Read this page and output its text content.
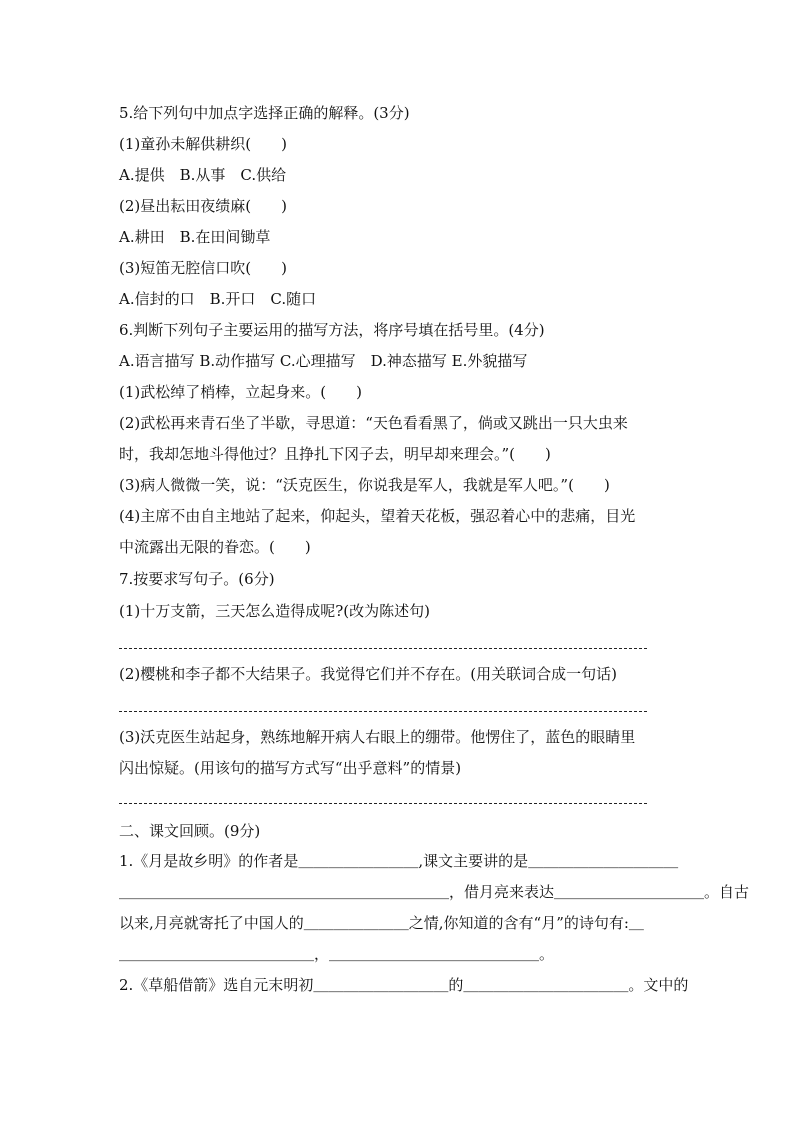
5.给下列句中加点字选择正确的解释。(3分)
(1)童孙未解供耕织(　　)
A.提供　B.从事　C.供给
(2)昼出耘田夜绩麻(　　)
A.耕田　B.在田间锄草
(3)短笛无腔信口吹(　　)
A.信封的口　B.开口　C.随口
6.判断下列句子主要运用的描写方法，将序号填在括号里。(4分)
A.语言描写 B.动作描写 C.心理描写　D.神态描写 E.外貌描写
(1)武松绰了梢棒，立起身来。(　　)
(2)武松再来青石坐了半歇，寻思道：“天色看看黑了，倘或又跳出一只大虫来
时，我却怎地斗得他过？且挣扎下冈子去，明早却来理会。”(　　)
(3)病人微微一笑，说：“沃克医生，你说我是军人，我就是军人吧。”(　　)
(4)主席不由自主地站了起来，仰起头，望着天花板，强忍着心中的悲痛，目光
中流露出无限的眷恋。(　　)
7.按要求写句子。(6分)
(1)十万支箭，三天怎么造得成呢?(改为陈述句)
(2)樱桃和李子都不大结果子。我觉得它们并不存在。(用关联词合成一句话)
(3)沃克医生站起身，熟练地解开病人右眼上的绷带。他愣住了，蓝色的眼睛里
闪出惊疑。(用该句的描写方式写“出乎意料”的情景)
二、课文回顾。(9分)
1.《月是故乡明》的作者是＿＿＿＿＿＿＿＿,课文主要讲的是＿＿＿＿＿＿＿＿＿＿
＿＿＿＿＿＿＿＿＿＿＿＿＿＿＿＿＿＿＿＿＿＿，借月亮来表达＿＿＿＿＿＿＿＿＿＿。自古
以来,月亮就寄托了中国人的＿＿＿＿＿＿＿之情,你知道的含有“月”的诗句有:＿
＿＿＿＿＿＿＿＿＿＿＿＿＿，＿＿＿＿＿＿＿＿＿＿＿＿＿＿。
2.《草船借箭》选自元末明初＿＿＿＿＿＿＿＿＿的＿＿＿＿＿＿＿＿＿＿＿。文中的
